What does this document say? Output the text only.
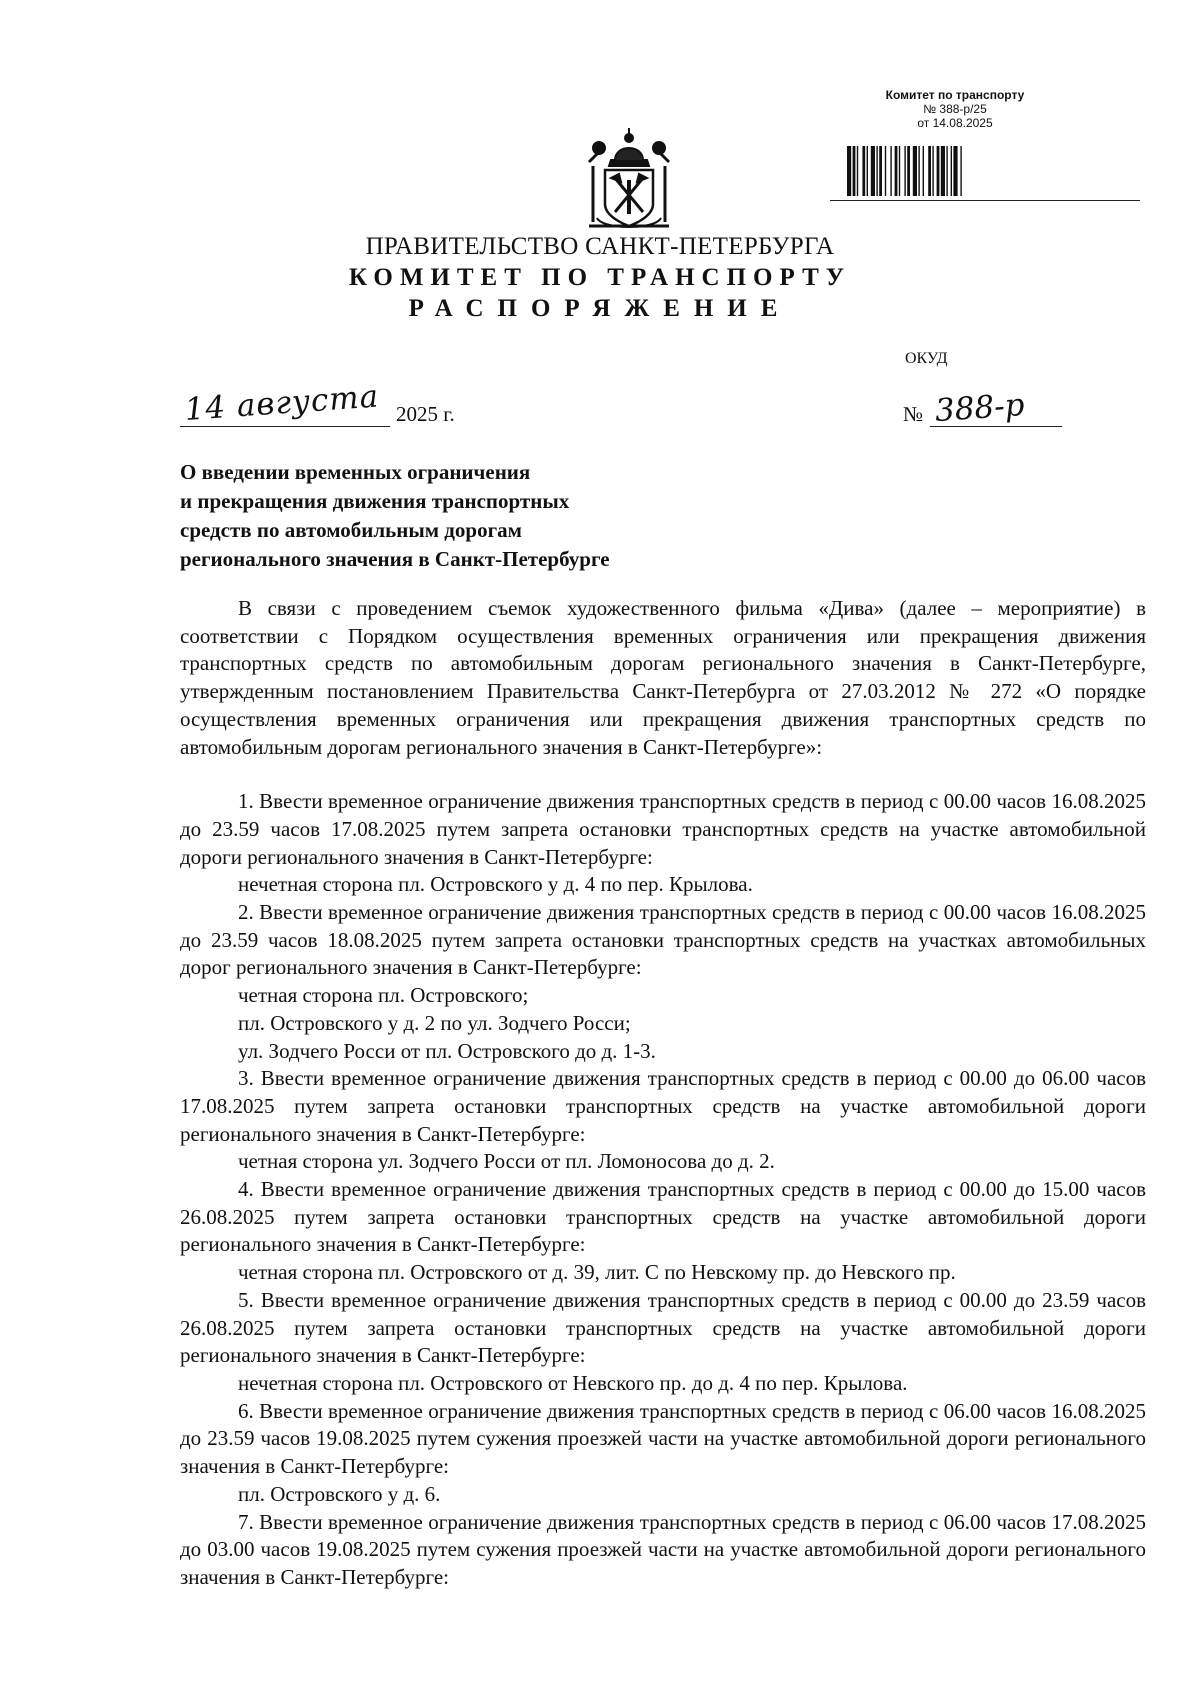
Комитет по транспорту
№ 388-р/25
от 14.08.2025
ПРАВИТЕЛЬСТВО САНКТ-ПЕТЕРБУРГА
КОМИТЕТ ПО ТРАНСПОРТУ
РАСПОРЯЖЕНИЕ
ОКУД
14 августа 2025 г.	№ 388-р
О введении временных ограничения
и прекращения движения транспортных
средств по автомобильным дорогам
регионального значения в Санкт-Петербурге

В связи с проведением съемок художественного фильма «Дива» (далее – мероприятие) в соответствии с Порядком осуществления временных ограничения или прекращения движения транспортных средств по автомобильным дорогам регионального значения в Санкт-Петербурге, утвержденным постановлением Правительства Санкт-Петербурга от 27.03.2012 № 272 «О порядке осуществления временных ограничения или прекращения движения транспортных средств по автомобильным дорогам регионального значения в Санкт-Петербурге»:

1. Ввести временное ограничение движения транспортных средств в период с 00.00 часов 16.08.2025 до 23.59 часов 17.08.2025 путем запрета остановки транспортных средств на участке автомобильной дороги регионального значения в Санкт-Петербурге:

нечетная сторона пл. Островского у д. 4 по пер. Крылова.

2. Ввести временное ограничение движения транспортных средств в период с 00.00 часов 16.08.2025 до 23.59 часов 18.08.2025 путем запрета остановки транспортных средств на участках автомобильных дорог регионального значения в Санкт-Петербурге:

четная сторона пл. Островского;

пл. Островского у д. 2 по ул. Зодчего Росси;

ул. Зодчего Росси от пл. Островского до д. 1-3.

3. Ввести временное ограничение движения транспортных средств в период с 00.00 до 06.00 часов 17.08.2025 путем запрета остановки транспортных средств на участке автомобильной дороги регионального значения в Санкт-Петербурге:

четная сторона ул. Зодчего Росси от пл. Ломоносова до д. 2.

4. Ввести временное ограничение движения транспортных средств в период с 00.00 до 15.00 часов 26.08.2025 путем запрета остановки транспортных средств на участке автомобильной дороги регионального значения в Санкт-Петербурге:

четная сторона пл. Островского от д. 39, лит. С по Невскому пр. до Невского пр.

5. Ввести временное ограничение движения транспортных средств в период с 00.00 до 23.59 часов 26.08.2025 путем запрета остановки транспортных средств на участке автомобильной дороги регионального значения в Санкт-Петербурге:

нечетная сторона пл. Островского от Невского пр. до д. 4 по пер. Крылова.

6. Ввести временное ограничение движения транспортных средств в период с 06.00 часов 16.08.2025 до 23.59 часов 19.08.2025 путем сужения проезжей части на участке автомобильной дороги регионального значения в Санкт-Петербурге:

пл. Островского у д. 6.

7. Ввести временное ограничение движения транспортных средств в период с 06.00 часов 17.08.2025 до 03.00 часов 19.08.2025 путем сужения проезжей части на участке автомобильной дороги регионального значения в Санкт-Петербурге:
